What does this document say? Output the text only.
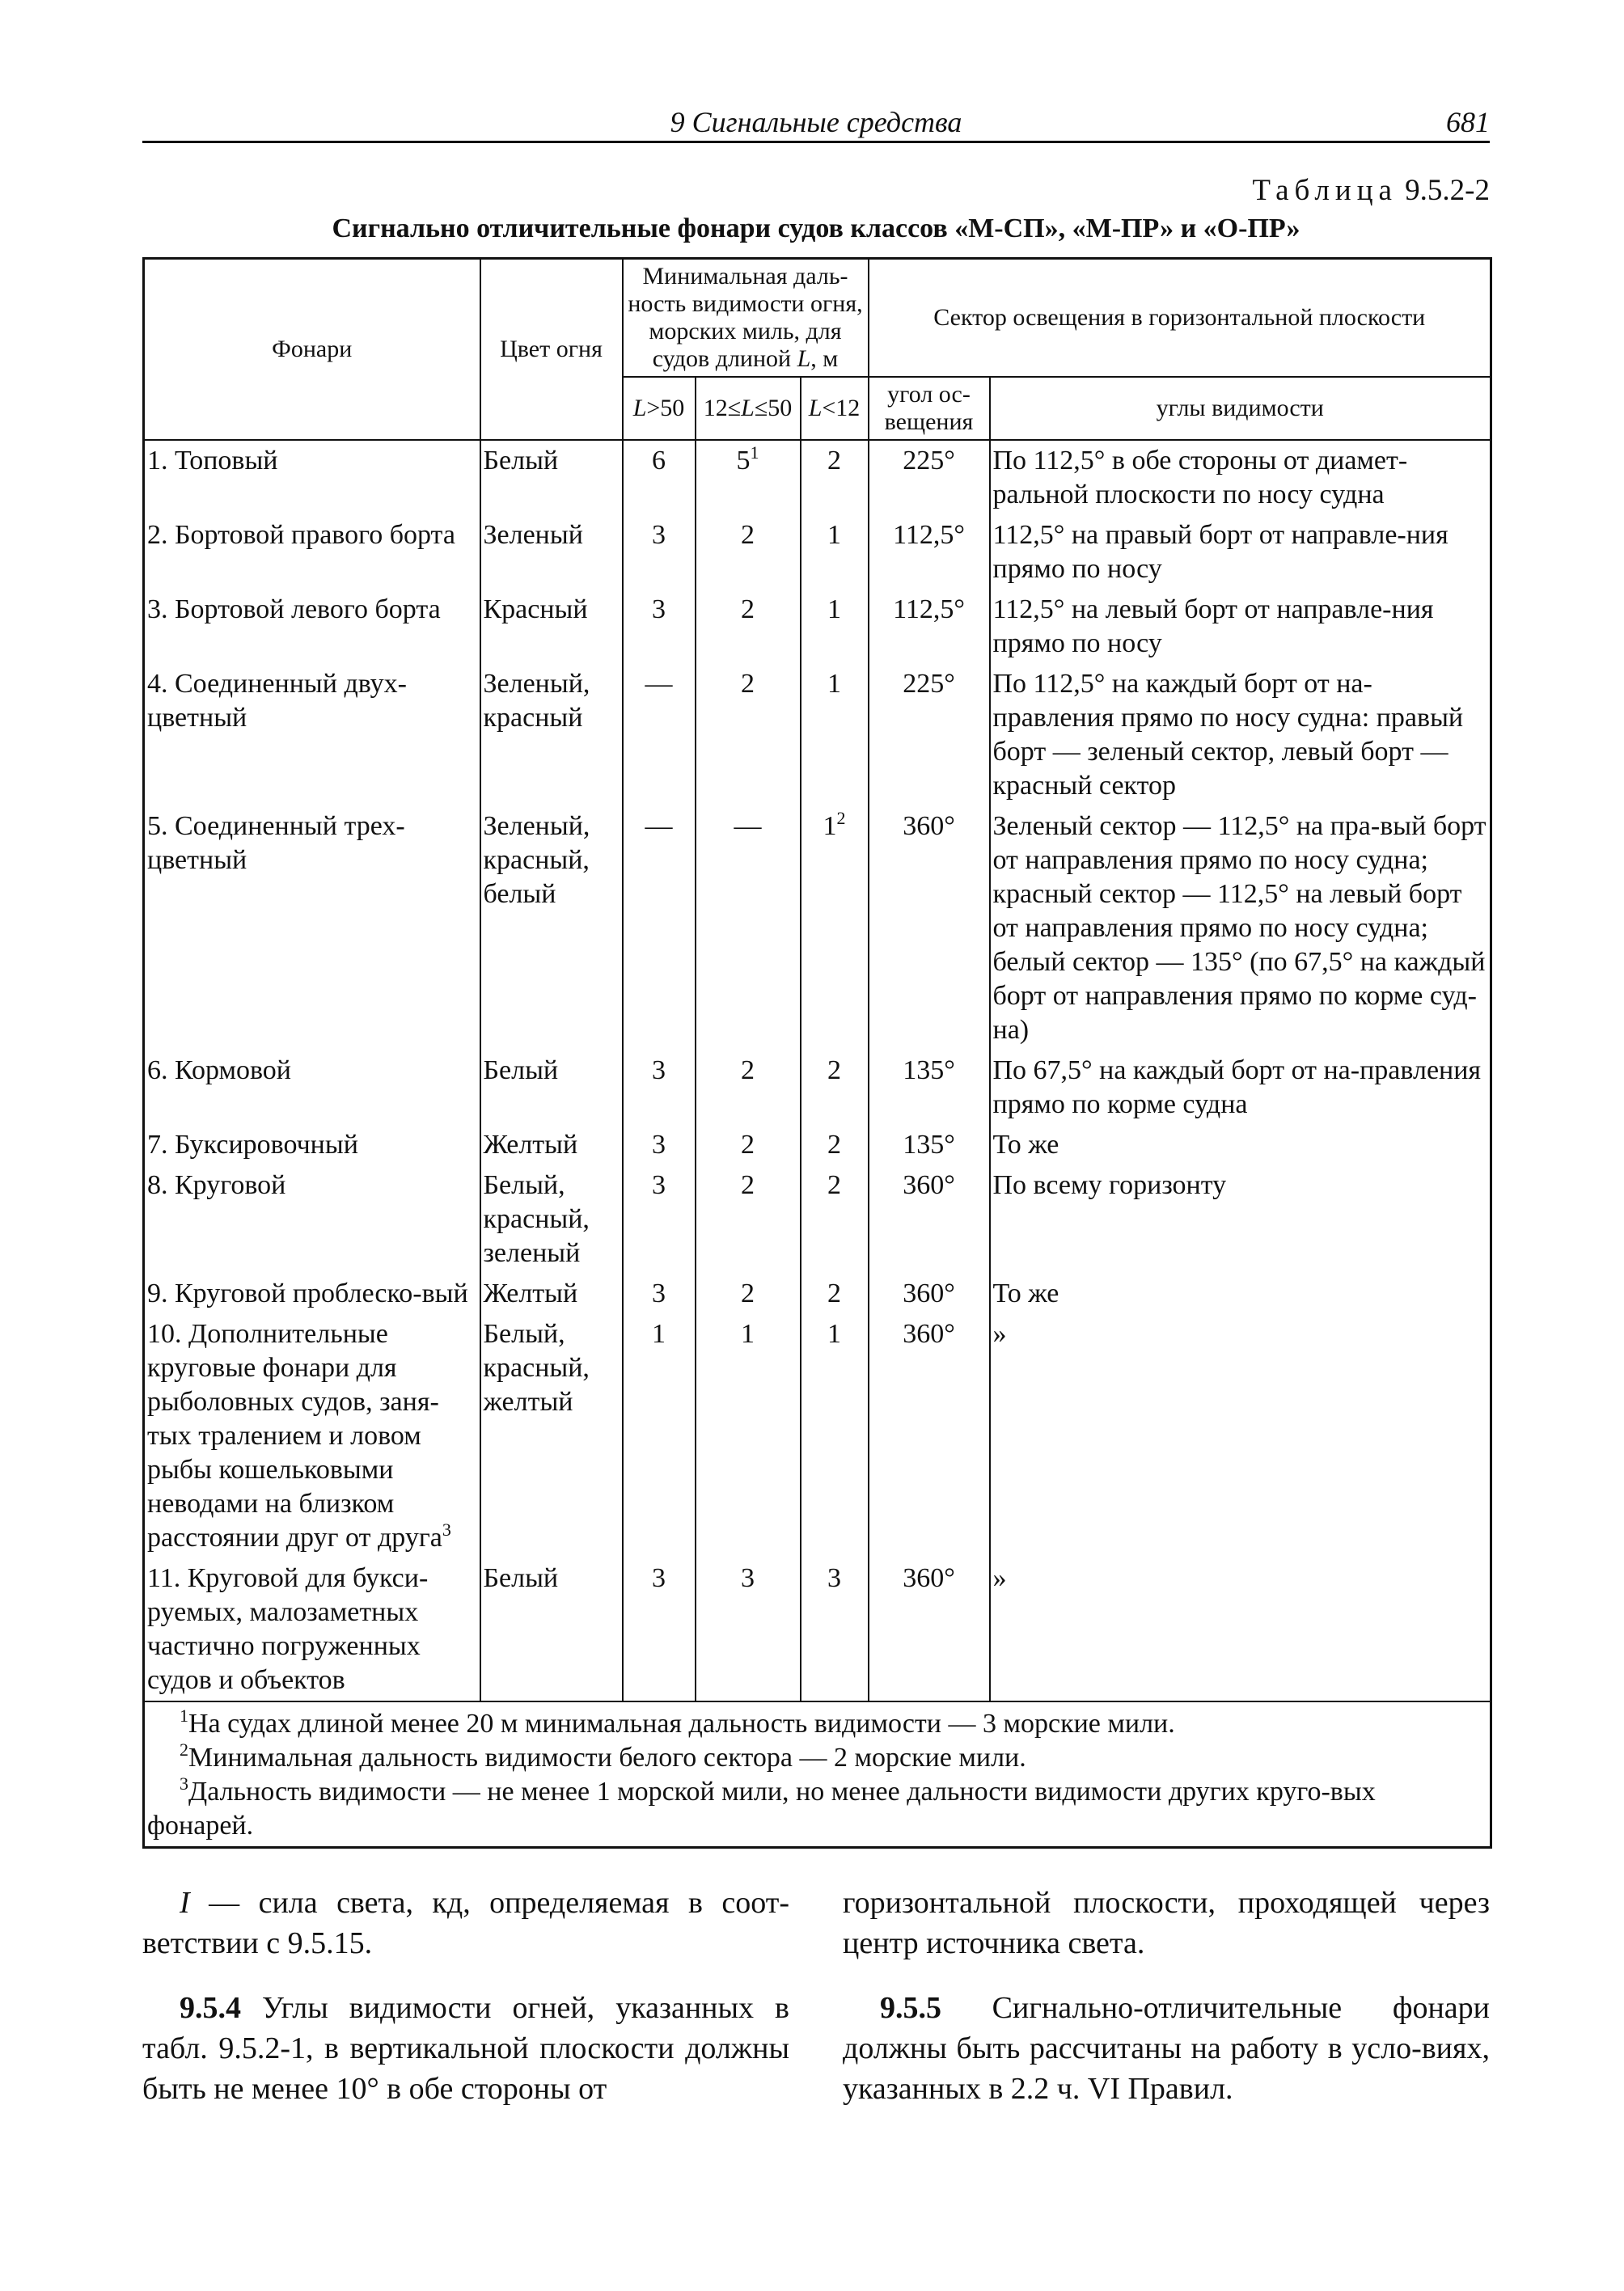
9 Сигнальные средства	681
Таблица 9.5.2-2
Сигнально отличительные фонари судов классов «М-СП», «М-ПР» и «О-ПР»
Фонари	Цвет огня	Минимальная даль-ность видимости огня, морских миль, для судов длиной L, м			Сектор освещения в горизонтальной плоскости	
		L>50	12≤L≤50	L<12	угол ос-вещения	углы видимости
1. Топовый	Белый	6	$5^1$	2	225°	По 112,5° в обе стороны от диамет-ральной плоскости по носу судна
2. Бортовой правого борта	Зеленый	3	2	1	112,5°	112,5° на правый борт от направле-ния прямо по носу
3. Бортовой левого борта	Красный	3	2	1	112,5°	112,5° на левый борт от направле-ния прямо по носу
4. Соединенный двух-цветный	Зеленый, красный	—	2	1	225°	По 112,5° на каждый борт от на-правления прямо по носу судна: правый борт — зеленый сектор, левый борт — красный сектор
5. Соединенный трех-цветный	Зеленый, красный, белый	—	—	$1^2$	360°	Зеленый сектор — 112,5° на пра-вый борт от направления прямо по носу судна; красный сектор — 112,5° на левый борт от направления прямо по носу судна; белый сектор — 135° (по 67,5° на каждый борт от направления прямо по корме суд-на)
6. Кормовой	Белый	3	2	2	135°	По 67,5° на каждый борт от на-правления прямо по корме судна
7. Буксировочный	Желтый	3	2	2	135°	То же
8. Круговой	Белый, красный, зеленый	3	2	2	360°	По всему горизонту
9. Круговой проблеско-вый	Желтый	3	2	2	360°	То же
10. Дополнительные круговые фонари для рыболовных судов, заня-тых тралением и ловом рыбы кошельковыми неводами на близком расстоянии друг от друга$^3$	Белый, красный, желтый	1	1	1	360°	»
11. Круговой для букси-руемых, малозаметных частично погруженных судов и объектов	Белый	3	3	3	360°	»

$^1$На судах длиной менее 20 м минимальная дальность видимости — 3 морские мили.
$^2$Минимальная дальность видимости белого сектора — 2 морские мили.
$^3$Дальность видимости — не менее 1 морской мили, но менее дальности видимости других круго-вых фонарей.						

I — сила света, кд, определяемая в соот-ветствии с 9.5.15.

9.5.4 Углы видимости огней, указанных в табл. 9.5.2-1, в вертикальной плоскости должны быть не менее 10° в обе стороны от

горизонтальной плоскости, проходящей через центр источника света.

9.5.5 Сигнально-отличительные фонари должны быть рассчитаны на работу в усло-виях, указанных в 2.2 ч. VI Правил.
